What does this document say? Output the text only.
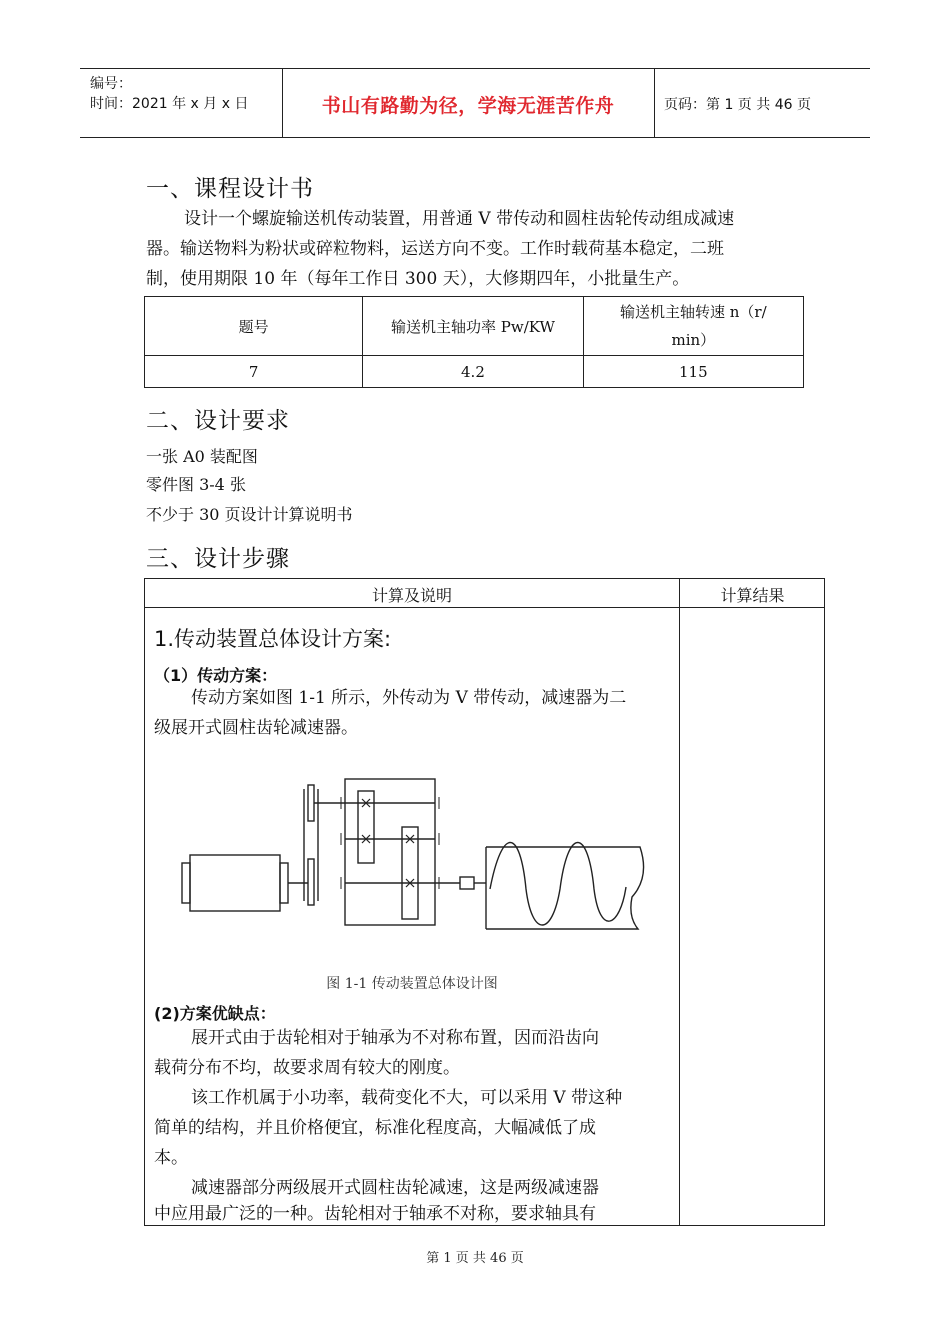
编号：
时间：2021 年 x 月 x 日	书山有路勤为径，学海无涯苦作舟	页码：第 1 页 共 46 页
一、课程设计书
设计一个螺旋输送机传动装置，用普通 V 带传动和圆柱齿轮传动组成减速
器。输送物料为粉状或碎粒物料，运送方向不变。工作时载荷基本稳定，二班
制，使用期限 10 年（每年工作日 300 天），大修期四年，小批量生产。
题号	输送机主轴功率 Pw/KW	输送机主轴转速 n（r/
min）
7	4.2	115
二、设计要求
一张 A0 装配图
零件图 3-4 张
不少于 30 页设计计算说明书
三、设计步骤
计算及说明	计算结果
1.传动装置总体设计方案:
（1）传动方案：
传动方案如图 1-1 所示，外传动为 V 带传动，减速器为二
级展开式圆柱齿轮减速器。
图 1-1 传动装置总体设计图
(2)方案优缺点：
展开式由于齿轮相对于轴承为不对称布置，因而沿齿向
载荷分布不均，故要求周有较大的刚度。
该工作机属于小功率，载荷变化不大，可以采用 V 带这种
简单的结构，并且价格便宜，标准化程度高，大幅减低了成
本。
减速器部分两级展开式圆柱齿轮减速，这是两级减速器
中应用最广泛的一种。齿轮相对于轴承不对称，要求轴具有
第 1 页 共 46 页
